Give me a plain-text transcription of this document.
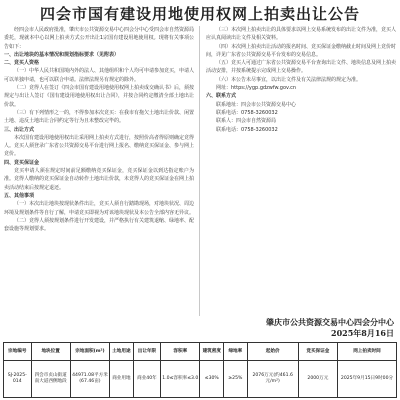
四会市国有建设用地使用权网上拍卖出让公告

经四会市人民政府批准，肇庆市公共资源交易中心四会分中心受四会市自然资源局委托，现就本中心以网上拍卖方式公开出让1宗国有建设用地使用权。现将有关事项公告如下：

一、出让地块的基本情况和规划指标要求（见附表）

二、竞买人资格

（一）中华人民共和国境内外的法人、其他组织和个人均可申请参加竞买，申请人可以单独申请，也可以联合申请。法律法规另有规定的除外。

（二）竞得人在签订《四会市国有建设用地使用权网上拍卖成交确认书》后，须按规定与出让人签订《国有建设用地使用权出让合同》，并按合同约定缴清全部土地出让价款。

（三）有下列情形之一的，不得参加本次竞买：在我市有拖欠土地出让价款、闲置土地、违反土地出让合同约定等行为且未整改完毕的。

三、出让方式

本次国有建设用地使用权出让采用网上拍卖方式进行，按照价高者得原则确定竞得人。竞买人须登录广东省公共资源交易平台进行网上报名、缴纳竞买保证金、参与网上竞价。

四、竞买保证金

竞买申请人须在规定时间前足额缴纳竞买保证金，竞买保证金以到达指定账户为准。竞得人缴纳的竞买保证金自动转作土地出让价款，未竞得人的竞买保证金在网上拍卖活动结束后按规定退还。

五、其他事项

（一）本次出让地块按现状条件出让，竞买人须自行踏勘现场，对地块状况、周边环境及规划条件等自行了解，申请竞买即视为对该地块现状及本公告全部内容无异议。

（二）竞得人须按规划条件进行开发建设，并严格执行有关建筑退缩、绿地率、配套设施等规划要求。

（三）本次网上拍卖出让的具体要求以网上交易系统发布的出让文件为准，竞买人应认真阅读出让文件及相关资料。

（四）本次网上拍卖出让活动的报名时间、竞买保证金缴纳截止时间及网上竞价时间，详见广东省公共资源交易平台发布的交易信息。

（五）竞买人可通过广东省公共资源交易平台查询出让文件、地块信息及网上拍卖活动安排，并按系统提示完成网上交易操作。

（六）本公告未尽事宜，以出让文件及有关法律法规的规定为准。

网址：https://ygp.gdzwfw.gov.cn

六、联系方式

联系地址：四会市公共资源交易中心

联系电话：0758-3260032

联系人：四会市自然资源局

联系电话：0758-3260032

肇庆市公共资源交易中心四会分中心
2025年8月16日
宗地编号	地块位置	宗地面积(m²)	土地用途	出让年限	容积率	建筑密度	绿地率	起始价	竞买保证金	网上拍卖时间
SJ-2025-014	四会市贞山街道南大道西侧地段	44971.08平方米(67.46亩)	商业用地	商业40年	1.0≤容积率≤3.0	≤30%	≥25%	2076万元(约461.6元/m²)	2000万元	2025年9月15日9时00分
